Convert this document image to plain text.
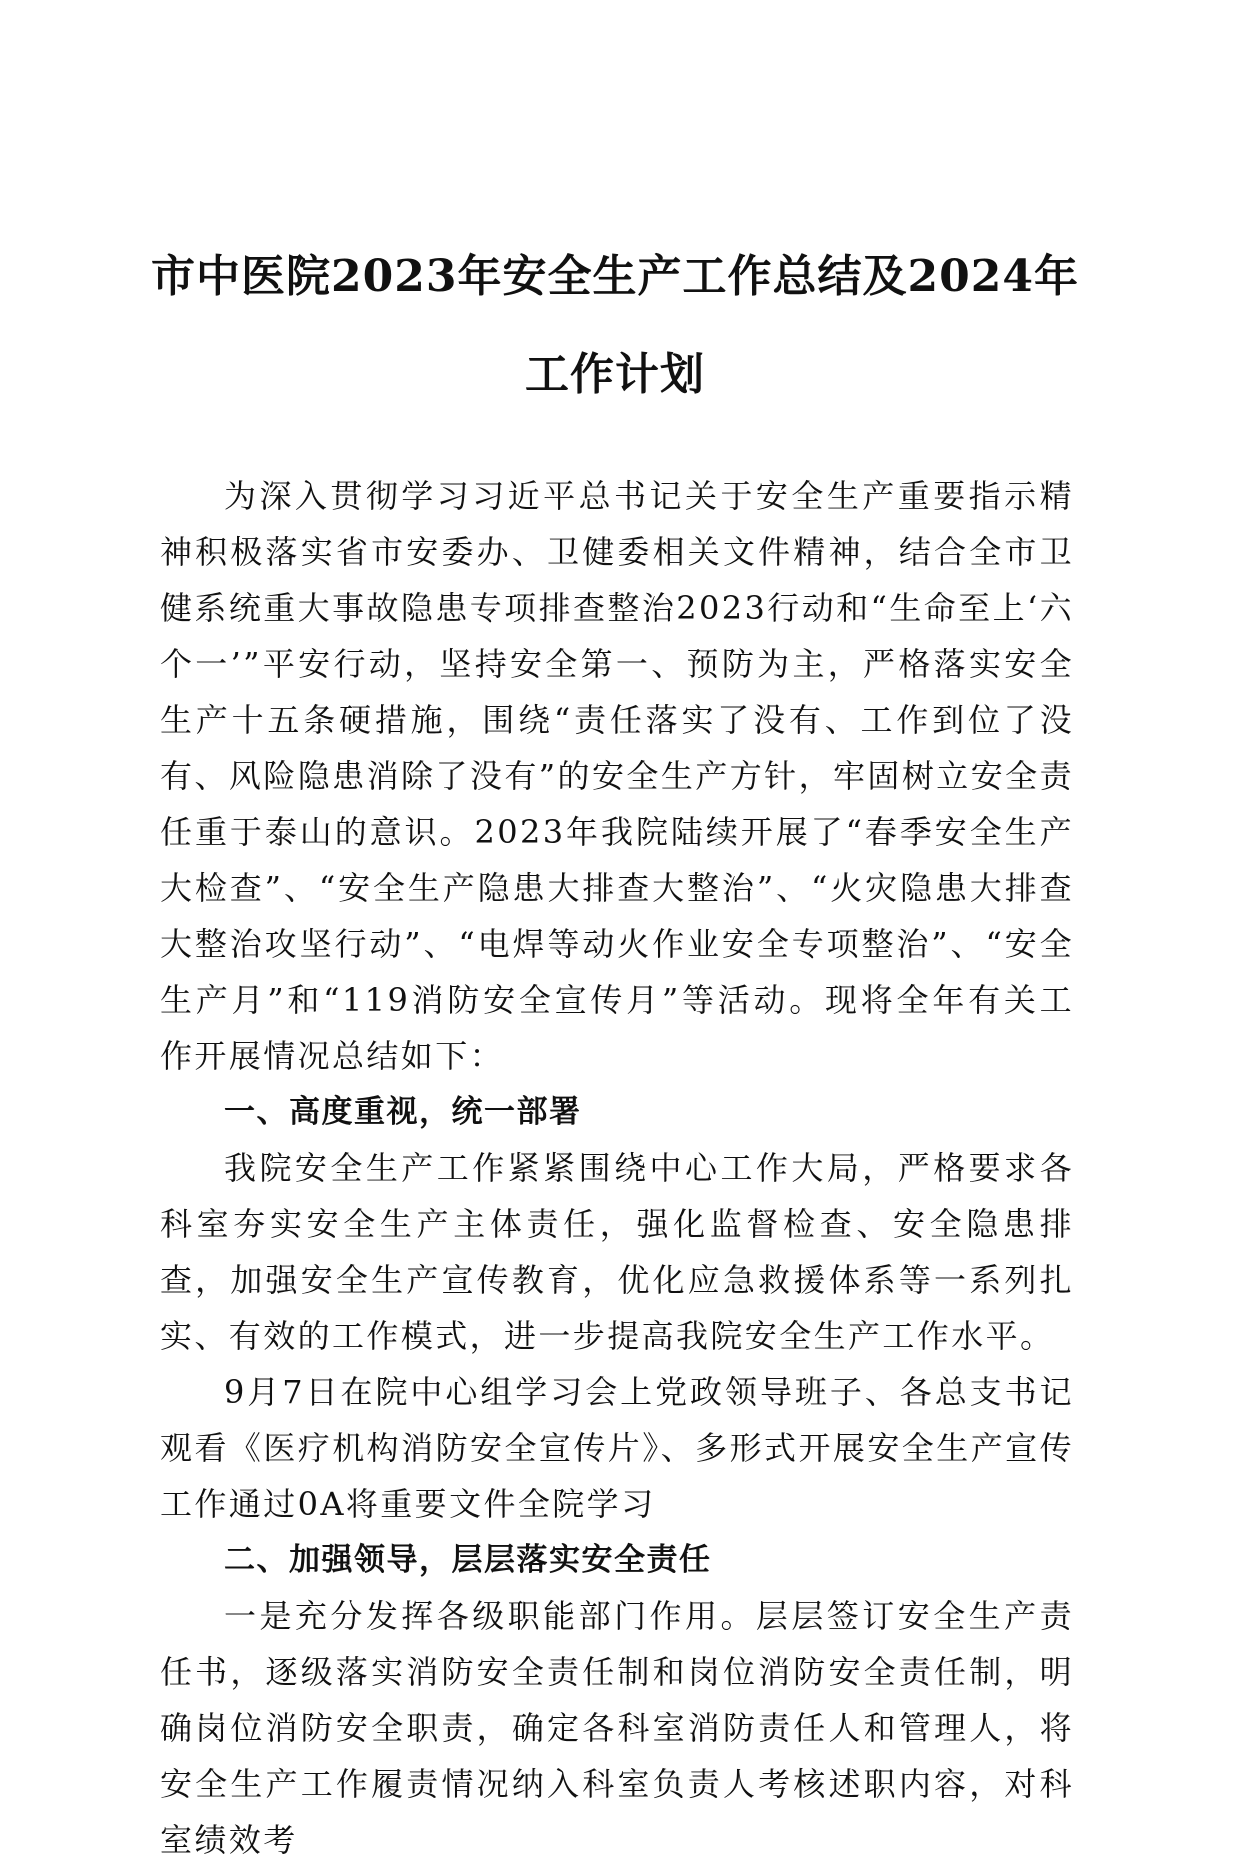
市中医院2023年安全生产工作总结及2024年
工作计划

为深入贯彻学习习近平总书记关于安全生产重要指示精神积极落实省市安委办、卫健委相关文件精神，结合全市卫健系统重大事故隐患专项排查整治2023行动和“生命至上‘六个一’”平安行动，坚持安全第一、预防为主，严格落实安全生产十五条硬措施，围绕“责任落实了没有、工作到位了没有、风险隐患消除了没有”的安全生产方针，牢固树立安全责任重于泰山的意识。2023年我院陆续开展了“春季安全生产大检查”、“安全生产隐患大排查大整治”、“火灾隐患大排查大整治攻坚行动”、“电焊等动火作业安全专项整治”、“安全生产月”和“119消防安全宣传月”等活动。现将全年有关工作开展情况总结如下：

一、高度重视，统一部署

我院安全生产工作紧紧围绕中心工作大局，严格要求各科室夯实安全生产主体责任，强化监督检查、安全隐患排查，加强安全生产宣传教育，优化应急救援体系等一系列扎实、有效的工作模式，进一步提高我院安全生产工作水平。

9月7日在院中心组学习会上党政领导班子、各总支书记观看《医疗机构消防安全宣传片》、多形式开展安全生产宣传工作通过0A将重要文件全院学习

二、加强领导，层层落实安全责任

一是充分发挥各级职能部门作用。层层签订安全生产责任书，逐级落实消防安全责任制和岗位消防安全责任制，明确岗位消防安全职责，确定各科室消防责任人和管理人，将安全生产工作履责情况纳入科室负责人考核述职内容，对科室绩效考
